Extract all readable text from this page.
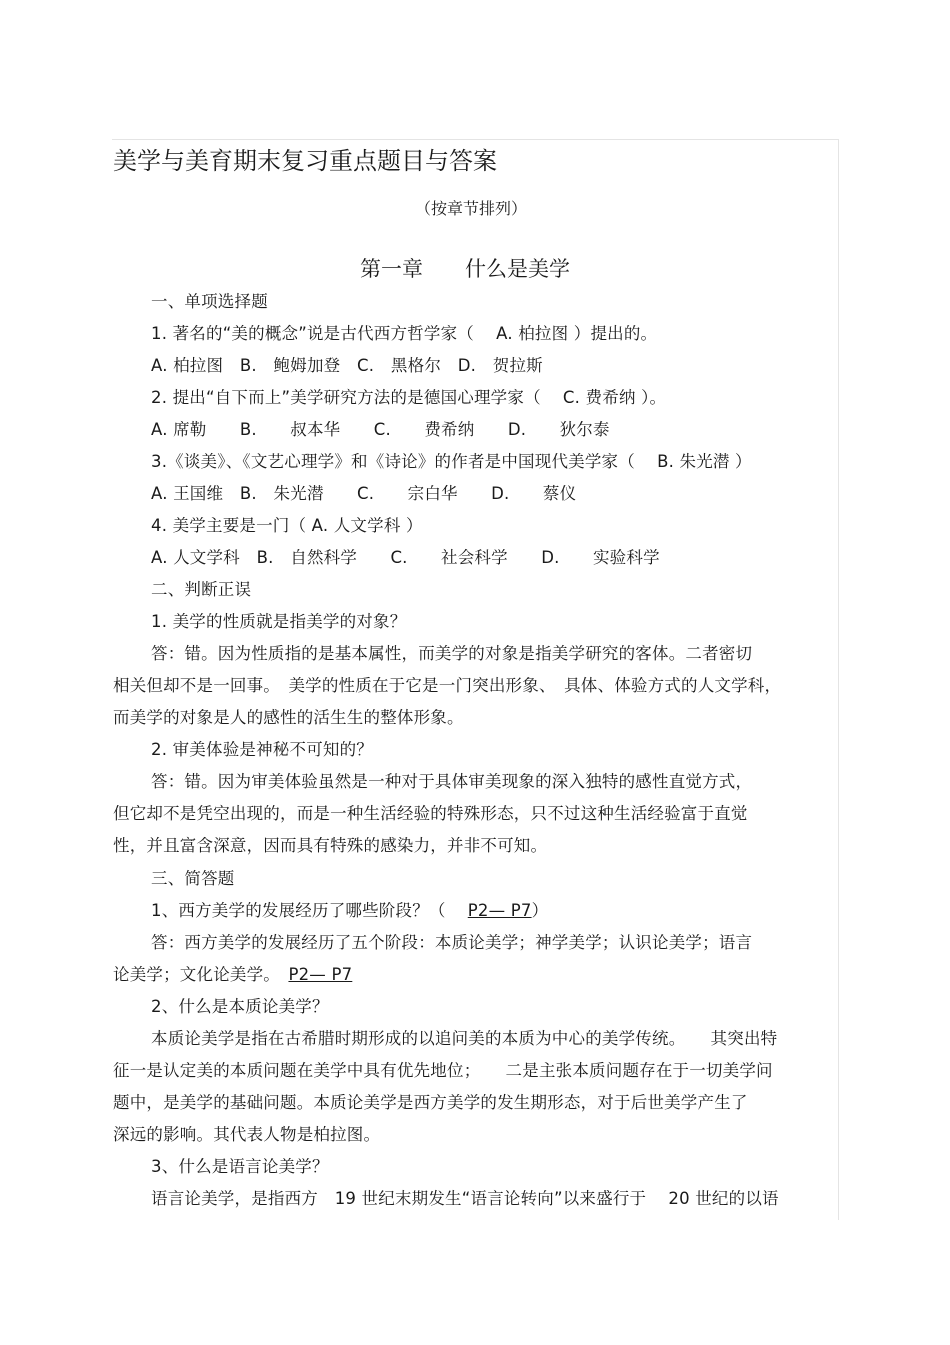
美学与美育期末复习重点题目与答案
（按章节排列）
第一章　　什么是美学
一、单项选择题
1. 著名的“美的概念”说是古代西方哲学家（　 A. 柏拉图 ）提出的。
A. 柏拉图　B.　鲍姆加登　C.　黑格尔　D.　贺拉斯
2. 提出“自下而上”美学研究方法的是德国心理学家（　 C. 费希纳 ）。
A. 席勒　　B.　　叔本华　　C.　　费希纳　　D.　　狄尔泰
3.《谈美》、《文艺心理学》和《诗论》的作者是中国现代美学家（　 B. 朱光潜 ）
A. 王国维　B.　朱光潜　　C.　　宗白华　　D.　　蔡仪
4. 美学主要是一门（ A. 人文学科 ）
A. 人文学科　B.　自然科学　　C.　　社会科学　　D.　　实验科学
二、判断正误
1. 美学的性质就是指美学的对象？
答：错。因为性质指的是基本属性，而美学的对象是指美学研究的客体。二者密切
相关但却不是一回事。　美学的性质在于它是一门突出形象、　具体、体验方式的人文学科，
而美学的对象是人的感性的活生生的整体形象。
2. 审美体验是神秘不可知的？
答：错。因为审美体验虽然是一种对于具体审美现象的深入独特的感性直觉方式，
但它却不是凭空出现的，而是一种生活经验的特殊形态，只不过这种生活经验富于直觉
性，并且富含深意，因而具有特殊的感染力，并非不可知。
三、简答题
1、西方美学的发展经历了哪些阶段？（　 P2— P7）
答：西方美学的发展经历了五个阶段：本质论美学；神学美学；认识论美学；语言
论美学；文化论美学。　P2— P7
2、什么是本质论美学？
本质论美学是指在古希腊时期形成的以追问美的本质为中心的美学传统。　　其突出特
征一是认定美的本质问题在美学中具有优先地位；　　二是主张本质问题存在于一切美学问
题中，是美学的基础问题。本质论美学是西方美学的发生期形态，对于后世美学产生了
深远的影响。其代表人物是柏拉图。
3、什么是语言论美学？
语言论美学，是指西方　19 世纪末期发生“语言论转向”以来盛行于　 20 世纪的以语
